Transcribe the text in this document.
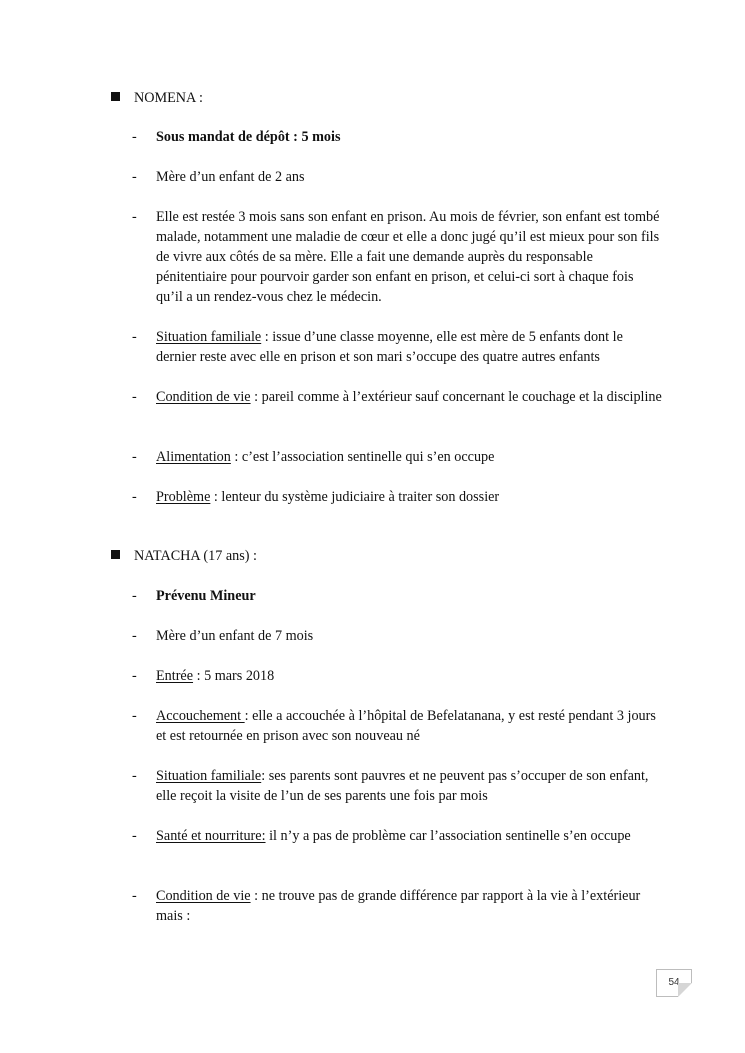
NOMENA :
- Sous mandat de dépôt : 5 mois
- Mère d’un enfant de 2 ans
- Elle est restée 3 mois sans son enfant en prison. Au mois de février, son enfant est tombé malade, notamment une maladie de cœur et elle a donc jugé qu’il est mieux pour son fils de vivre aux côtés de sa mère. Elle a fait une demande auprès du responsable pénitentiaire pour pourvoir garder son enfant en prison, et celui-ci sort à chaque fois qu’il a un rendez-vous chez le médecin.
- Situation familiale : issue d’une classe moyenne, elle est mère de 5 enfants dont le dernier reste avec elle en prison et son mari s’occupe des quatre autres enfants
- Condition de vie : pareil comme à l’extérieur sauf concernant le couchage et la discipline
- Alimentation : c’est l’association sentinelle qui s’en occupe
- Problème : lenteur du système judiciaire à traiter son dossier
NATACHA (17 ans) :
- Prévenu Mineur
- Mère d’un enfant de 7 mois
- Entrée : 5 mars 2018
- Accouchement : elle a accouchée à l’hôpital de Befelatanana, y est resté pendant 3 jours et est retournée en prison avec son nouveau né
- Situation familiale: ses parents sont pauvres et ne peuvent pas s’occuper de son enfant, elle reçoit la visite de l’un de ses parents une fois par mois
- Santé et nourriture: il n’y a pas de problème car l’association sentinelle s’en occupe
- Condition de vie : ne trouve pas de grande différence par rapport à la vie à l’extérieur mais :
54
